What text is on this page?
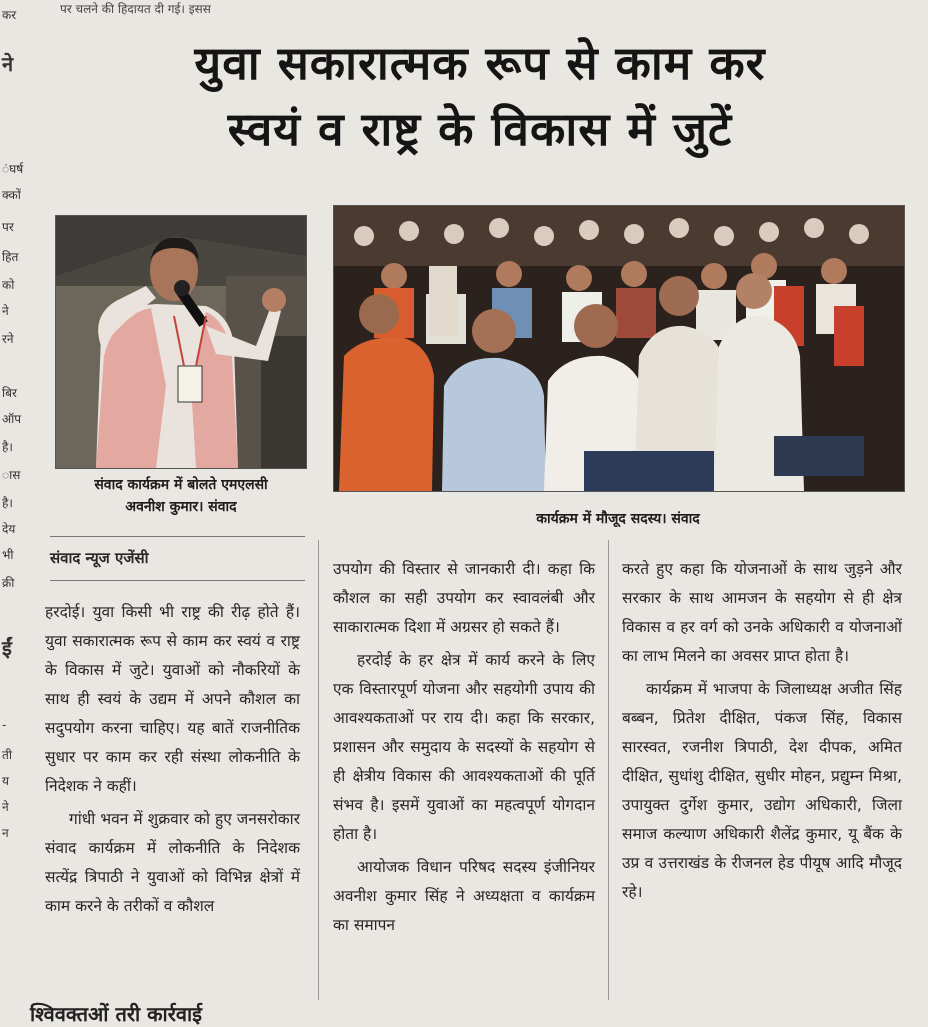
पर चलने की हिदायत दी गई। इसस
कर
ने
ंघर्ष
क्कों
पर
हित
को
ने
रने
बिर
ऑप
है।
ास
है।
देय
भी
क्री
ईं
-
ती
य
ने
न
युवा सकारात्मक रूप से काम कर
स्वयं व राष्ट्र के विकास में जुटें
संवाद कार्यक्रम में बोलते एमएलसी
अवनीश कुमार। संवाद
कार्यक्रम में मौजूद सदस्य। संवाद
संवाद न्यूज एजेंसी

हरदोई। युवा किसी भी राष्ट्र की रीढ़ होते हैं। युवा सकारात्मक रूप से काम कर स्वयं व राष्ट्र के विकास में जुटे। युवाओं को नौकरियों के साथ ही स्वयं के उद्यम में अपने कौशल का सदुपयोग करना चाहिए। यह बातें राजनीतिक सुधार पर काम कर रही संस्था लोकनीति के निदेशक ने कहीं।

गांधी भवन में शुक्रवार को हुए जनसरोकार संवाद कार्यक्रम में लोकनीति के निदेशक सत्येंद्र त्रिपाठी ने युवाओं को विभिन्न क्षेत्रों में काम करने के तरीकों व कौशल

उपयोग की विस्तार से जानकारी दी। कहा कि कौशल का सही उपयोग कर स्वावलंबी और साकारात्मक दिशा में अग्रसर हो सकते हैं।

हरदोई के हर क्षेत्र में कार्य करने के लिए एक विस्तारपूर्ण योजना और सहयोगी उपाय की आवश्यकताओं पर राय दी। कहा कि सरकार, प्रशासन और समुदाय के सदस्यों के सहयोग से ही क्षेत्रीय विकास की आवश्यकताओं की पूर्ति संभव है। इसमें युवाओं का महत्वपूर्ण योगदान होता है।

आयोजक विधान परिषद सदस्य इंजीनियर अवनीश कुमार सिंह ने अध्यक्षता व कार्यक्रम का समापन

करते हुए कहा कि योजनाओं के साथ जुड़ने और सरकार के साथ आमजन के सहयोग से ही क्षेत्र विकास व हर वर्ग को उनके अधिकारी व योजनाओं का लाभ मिलने का अवसर प्राप्त होता है।

कार्यक्रम में भाजपा के जिलाध्यक्ष अजीत सिंह बब्बन, प्रितेश दीक्षित, पंकज सिंह, विकास सारस्वत, रजनीश त्रिपाठी, देश दीपक, अमित दीक्षित, सुधांशु दीक्षित, सुधीर मोहन, प्रद्युम्न मिश्रा, उपायुक्त दुर्गेश कुमार, उद्योग अधिकारी, जिला समाज कल्याण अधिकारी शैलेंद्र कुमार, यू बैंक के उप्र व उत्तराखंड के रीजनल हेड पीयूष आदि मौजूद रहे।

श्विवक्तओं तरी कार्रवाई
